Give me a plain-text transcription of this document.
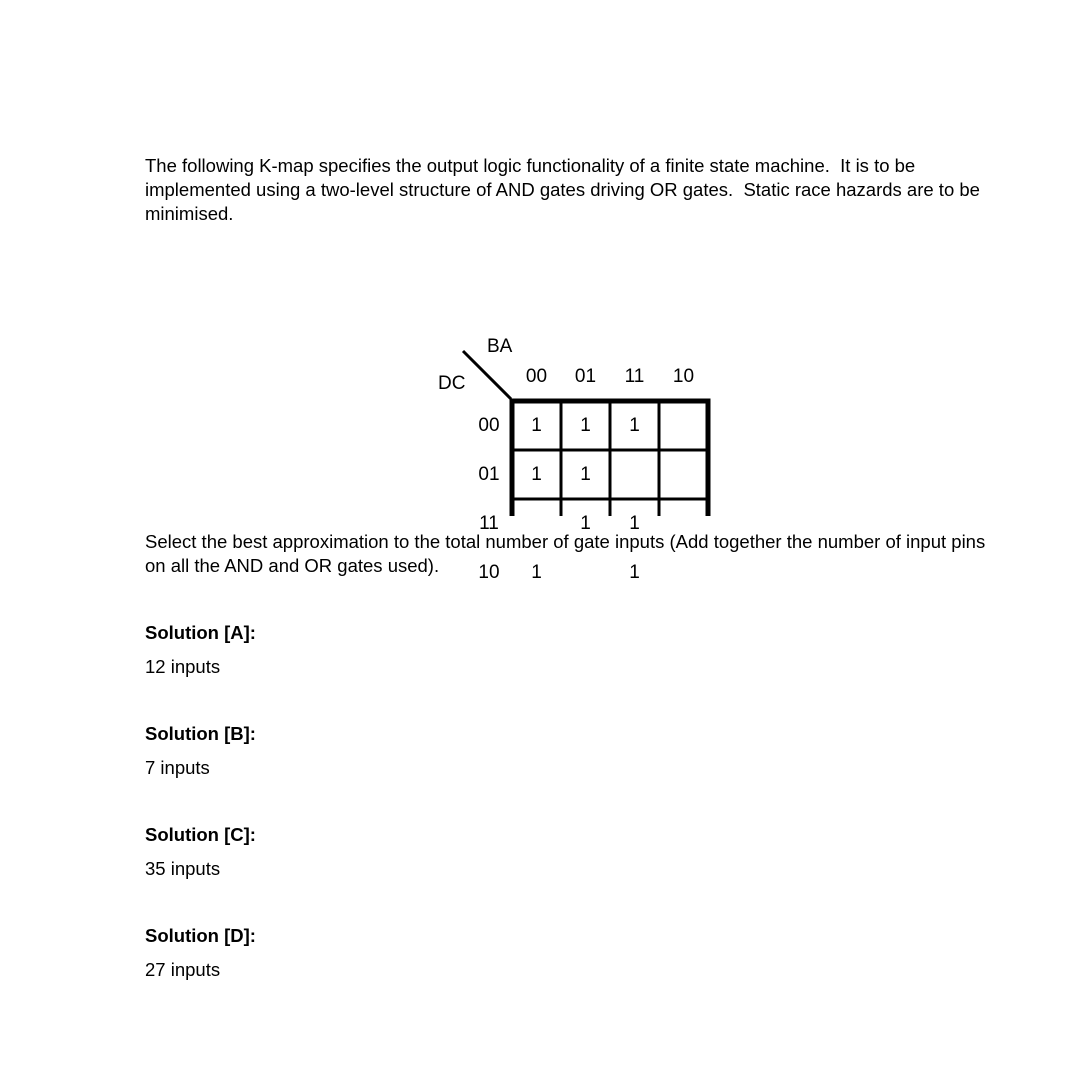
The following K-map specifies the output logic functionality of a finite state machine.  It is to be implemented using a two-level structure of AND gates driving OR gates.  Static race hazards are to be minimised.

BA
DC	00 01 11 10
00
01
11
10
1 1 1
1 1
1 1
1	1

Select the best approximation to the total number of gate inputs (Add together the number of input pins on all the AND and OR gates used).

Solution [A]:
12 inputs
Solution [B]:
7 inputs
Solution [C]:
35 inputs
Solution [D]:
27 inputs
